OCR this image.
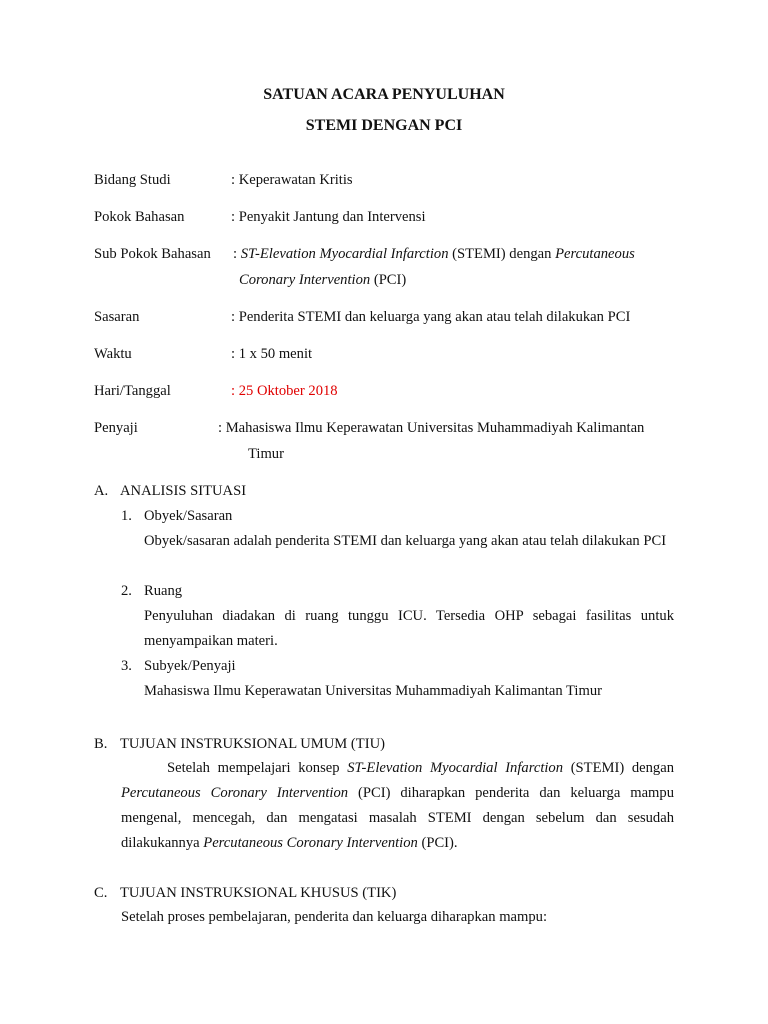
SATUAN ACARA PENYULUHAN
STEMI DENGAN PCI
Bidang Studi	: Keperawatan Kritis
Pokok Bahasan	: Penyakit Jantung dan Intervensi
Sub Pokok Bahasan : ST-Elevation Myocardial Infarction (STEMI) dengan Percutaneous
Coronary Intervention (PCI)
Sasaran	: Penderita STEMI dan keluarga yang akan atau telah dilakukan PCI
Waktu	: 1 x 50 menit
Hari/Tanggal	: 25 Oktober 2018
Penyaji	: Mahasiswa Ilmu Keperawatan Universitas Muhammadiyah Kalimantan
Timur
A. ANALISIS SITUASI
1. Obyek/Sasaran
Obyek/sasaran adalah penderita STEMI dan keluarga yang akan atau telah dilakukan PCI
2. Ruang
Penyuluhan diadakan di ruang tunggu ICU. Tersedia OHP sebagai fasilitas untuk menyampaikan materi.
3. Subyek/Penyaji
Mahasiswa Ilmu Keperawatan Universitas Muhammadiyah Kalimantan Timur
B. TUJUAN INSTRUKSIONAL UMUM (TIU)
Setelah mempelajari konsep ST-Elevation Myocardial Infarction (STEMI) dengan Percutaneous Coronary Intervention (PCI) diharapkan penderita dan keluarga mampu mengenal, mencegah, dan mengatasi masalah STEMI dengan sebelum dan sesudah dilakukannya Percutaneous Coronary Intervention (PCI).
C. TUJUAN INSTRUKSIONAL KHUSUS (TIK)
Setelah proses pembelajaran, penderita dan keluarga diharapkan mampu:
